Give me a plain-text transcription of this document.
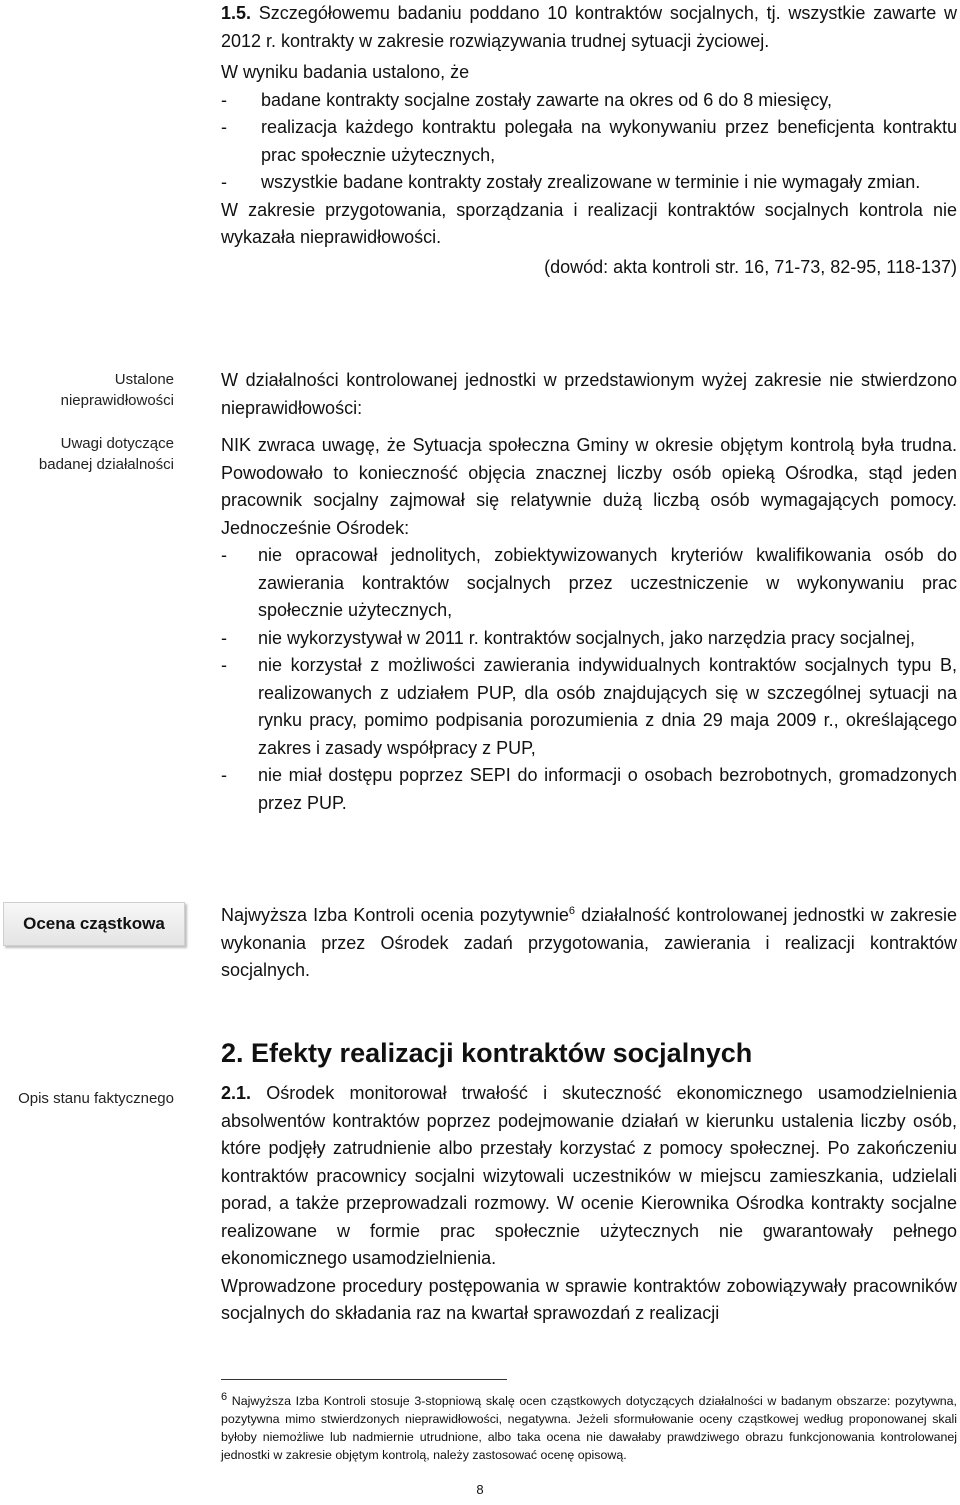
1.5. Szczegółowemu badaniu poddano 10 kontraktów socjalnych, tj. wszystkie zawarte w 2012 r. kontrakty w zakresie rozwiązywania trudnej sytuacji życiowej.

W wyniku badania ustalono, że

- badane kontrakty socjalne zostały zawarte na okres od 6 do 8 miesięcy,
- realizacja każdego kontraktu polegała na wykonywaniu przez beneficjenta kontraktu prac społecznie użytecznych,
- wszystkie badane kontrakty zostały zrealizowane w terminie i nie wymagały zmian.

W zakresie przygotowania, sporządzania i realizacji kontraktów socjalnych kontrola nie wykazała nieprawidłowości.

(dowód: akta kontroli str. 16, 71-73, 82-95, 118-137)

Ustalone nieprawidłowości
Uwagi dotyczące badanej działalności

W działalności kontrolowanej jednostki w przedstawionym wyżej zakresie nie stwierdzono nieprawidłowości:

NIK zwraca uwagę, że Sytuacja społeczna Gminy w okresie objętym kontrolą była trudna. Powodowało to konieczność objęcia znacznej liczby osób opieką Ośrodka, stąd jeden pracownik socjalny zajmował się relatywnie dużą liczbą osób wymagających pomocy. Jednocześnie Ośrodek:

- nie opracował jednolitych, zobiektywizowanych kryteriów kwalifikowania osób do zawierania kontraktów socjalnych przez uczestniczenie w wykonywaniu prac społecznie użytecznych,
- nie wykorzystywał w 2011 r. kontraktów socjalnych, jako narzędzia pracy socjalnej,
- nie korzystał z możliwości zawierania indywidualnych kontraktów socjalnych typu B, realizowanych z udziałem PUP, dla osób znajdujących się w szczególnej sytuacji na rynku pracy, pomimo podpisania porozumienia z dnia 29 maja 2009 r., określającego zakres i zasady współpracy z PUP,
- nie miał dostępu poprzez SEPI do informacji o osobach bezrobotnych, gromadzonych przez PUP.
Ocena cząstkowa	Najwyższa Izba Kontroli ocenia pozytywnie$^6$ działalność kontrolowanej jednostki w zakresie wykonania przez Ośrodek zadań przygotowania, zawierania i realizacji kontraktów socjalnych.

2. Efekty realizacji kontraktów socjalnych

2.1. Ośrodek monitorował trwałość i skuteczność ekonomicznego usamodzielnienia absolwentów kontraktów poprzez podejmowanie działań w kierunku ustalenia liczby osób, które podjęły zatrudnienie albo przestały korzystać z pomocy społecznej. Po zakończeniu kontraktów pracownicy socjalni wizytowali uczestników w miejscu zamieszkania, udzielali porad, a także przeprowadzali rozmowy. W ocenie Kierownika Ośrodka kontrakty socjalne realizowane w formie prac społecznie użytecznych nie gwarantowały pełnego ekonomicznego usamodzielnienia.

Wprowadzone procedury postępowania w sprawie kontraktów zobowiązywały pracowników socjalnych do składania raz na kwartał sprawozdań z realizacji

Opis stanu faktycznego

$^6$ Najwyższa Izba Kontroli stosuje 3-stopniową skalę ocen cząstkowych dotyczących działalności w badanym obszarze: pozytywna, pozytywna mimo stwierdzonych nieprawidłowości, negatywna. Jeżeli sformułowanie oceny cząstkowej według proponowanej skali byłoby niemożliwe lub nadmiernie utrudnione, albo taka ocena nie dawałaby prawdziwego obrazu funkcjonowania kontrolowanej jednostki w zakresie objętym kontrolą, należy zastosować ocenę opisową.

8
